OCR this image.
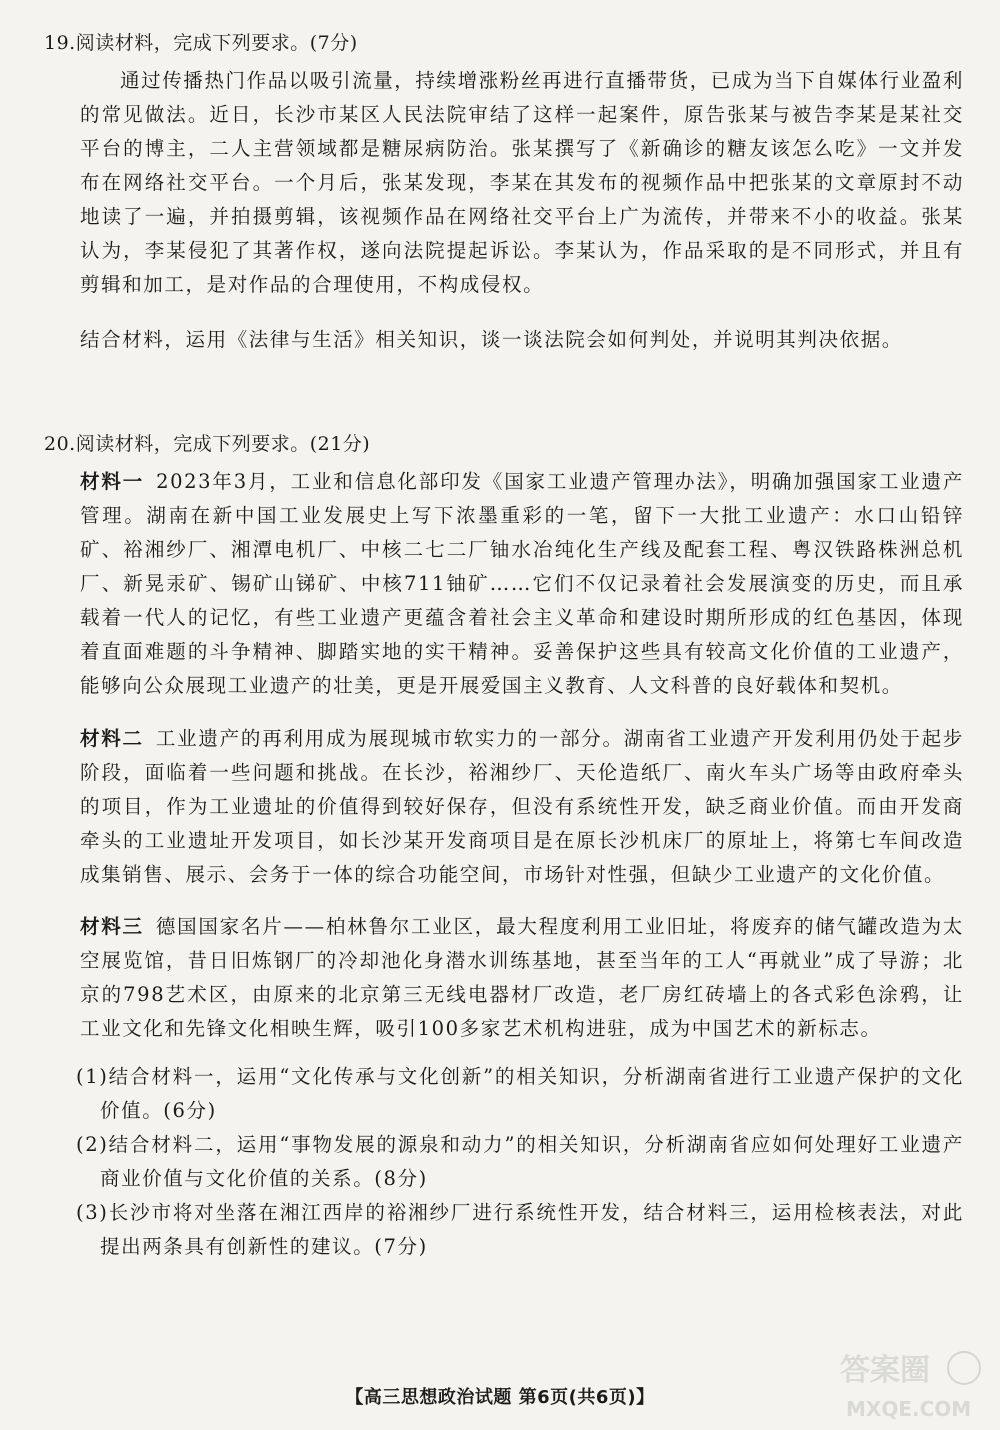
19.阅读材料，完成下列要求。(7分)
通过传播热门作品以吸引流量，持续增涨粉丝再进行直播带货，已成为当下自媒体行业盈利的常见做法。近日，长沙市某区人民法院审结了这样一起案件，原告张某与被告李某是某社交平台的博主，二人主营领域都是糖尿病防治。张某撰写了《新确诊的糖友该怎么吃》一文并发布在网络社交平台。一个月后，张某发现，李某在其发布的视频作品中把张某的文章原封不动地读了一遍，并拍摄剪辑，该视频作品在网络社交平台上广为流传，并带来不小的收益。张某认为，李某侵犯了其著作权，遂向法院提起诉讼。李某认为，作品采取的是不同形式，并且有剪辑和加工，是对作品的合理使用，不构成侵权。
结合材料，运用《法律与生活》相关知识，谈一谈法院会如何判处，并说明其判决依据。
20.阅读材料，完成下列要求。(21分)
材料一 2023年3月，工业和信息化部印发《国家工业遗产管理办法》，明确加强国家工业遗产管理。湖南在新中国工业发展史上写下浓墨重彩的一笔，留下一大批工业遗产：水口山铅锌矿、裕湘纱厂、湘潭电机厂、中核二七二厂铀水冶纯化生产线及配套工程、粤汉铁路株洲总机厂、新晃汞矿、锡矿山锑矿、中核711铀矿……它们不仅记录着社会发展演变的历史，而且承载着一代人的记忆，有些工业遗产更蕴含着社会主义革命和建设时期所形成的红色基因，体现着直面难题的斗争精神、脚踏实地的实干精神。妥善保护这些具有较高文化价值的工业遗产，能够向公众展现工业遗产的壮美，更是开展爱国主义教育、人文科普的良好载体和契机。
材料二 工业遗产的再利用成为展现城市软实力的一部分。湖南省工业遗产开发利用仍处于起步阶段，面临着一些问题和挑战。在长沙，裕湘纱厂、天伦造纸厂、南火车头广场等由政府牵头的项目，作为工业遗址的价值得到较好保存，但没有系统性开发，缺乏商业价值。而由开发商牵头的工业遗址开发项目，如长沙某开发商项目是在原长沙机床厂的原址上，将第七车间改造成集销售、展示、会务于一体的综合功能空间，市场针对性强，但缺少工业遗产的文化价值。
材料三 德国国家名片——柏林鲁尔工业区，最大程度利用工业旧址，将废弃的储气罐改造为太空展览馆，昔日旧炼钢厂的冷却池化身潜水训练基地，甚至当年的工人“再就业”成了导游；北京的798艺术区，由原来的北京第三无线电器材厂改造，老厂房红砖墙上的各式彩色涂鸦，让工业文化和先锋文化相映生辉，吸引100多家艺术机构进驻，成为中国艺术的新标志。
(1)结合材料一，运用“文化传承与文化创新”的相关知识，分析湖南省进行工业遗产保护的文化价值。(6分)
(2)结合材料二，运用“事物发展的源泉和动力”的相关知识，分析湖南省应如何处理好工业遗产商业价值与文化价值的关系。(8分)
(3)长沙市将对坐落在湘江西岸的裕湘纱厂进行系统性开发，结合材料三，运用检核表法，对此提出两条具有创新性的建议。(7分)
【高三思想政治试题 第6页(共6页)】
答案圈
MXQE.COM
